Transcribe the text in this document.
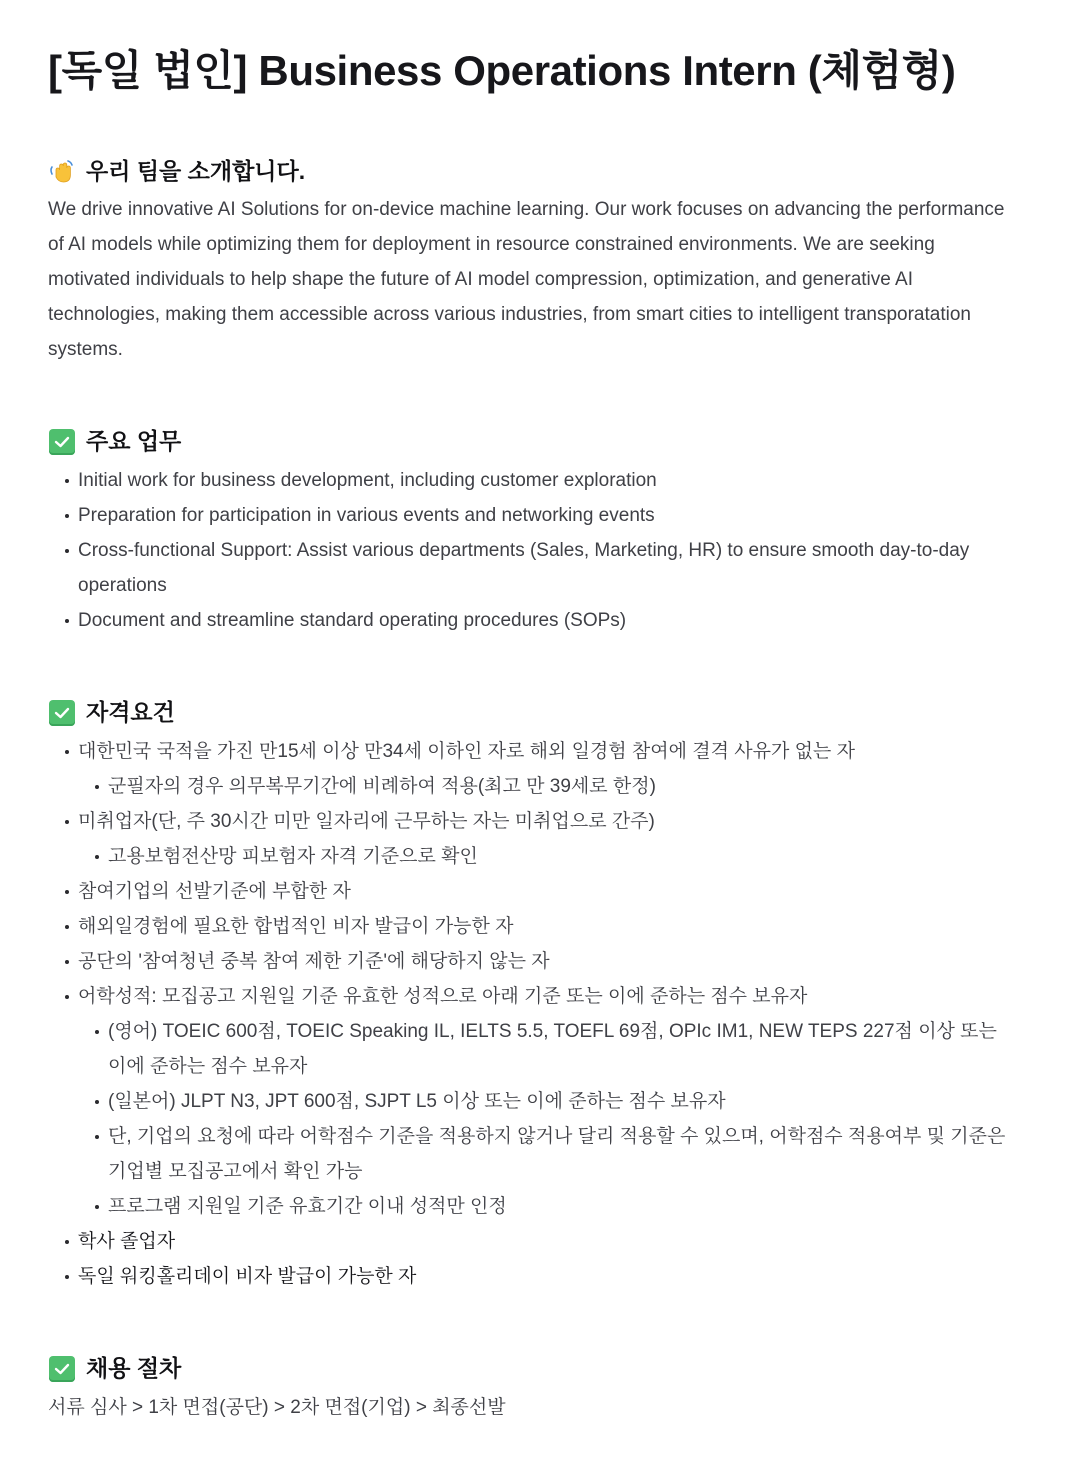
[독일 법인] Business Operations Intern (체험형)
우리 팀을 소개합니다.

We drive innovative AI Solutions for on-device machine learning. Our work focuses on advancing the performance of AI models while optimizing them for deployment in resource constrained environments. We are seeking motivated individuals to help shape the future of AI model compression, optimization, and generative AI technologies, making them accessible across various industries, from smart cities to intelligent transporatation systems.

주요 업무
Initial work for business development, including customer exploration
Preparation for participation in various events and networking events
Cross-functional Support: Assist various departments (Sales, Marketing, HR) to ensure smooth day-to-day operations
Document and streamline standard operating procedures (SOPs)
자격요건
대한민국 국적을 가진 만15세 이상 만34세 이하인 자로 해외 일경험 참여에 결격 사유가 없는 자
군필자의 경우 의무복무기간에 비례하여 적용(최고 만 39세로 한정)
미취업자(단, 주 30시간 미만 일자리에 근무하는 자는 미취업으로 간주)
고용보험전산망 피보험자 자격 기준으로 확인
참여기업의 선발기준에 부합한 자
해외일경험에 필요한 합법적인 비자 발급이 가능한 자
공단의 '참여청년 중복 참여 제한 기준'에 해당하지 않는 자
어학성적: 모집공고 지원일 기준 유효한 성적으로 아래 기준 또는 이에 준하는 점수 보유자
(영어) TOEIC 600점, TOEIC Speaking IL, IELTS 5.5, TOEFL 69점, OPIc IM1, NEW TEPS 227점 이상 또는 이에 준하는 점수 보유자
(일본어) JLPT N3, JPT 600점, SJPT L5 이상 또는 이에 준하는 점수 보유자
단, 기업의 요청에 따라 어학점수 기준을 적용하지 않거나 달리 적용할 수 있으며, 어학점수 적용여부 및 기준은 기업별 모집공고에서 확인 가능
프로그램 지원일 기준 유효기간 이내 성적만 인정
학사 졸업자
독일 워킹홀리데이 비자 발급이 가능한 자
채용 절차

서류 심사 > 1차 면접(공단) > 2차 면접(기업) > 최종선발
